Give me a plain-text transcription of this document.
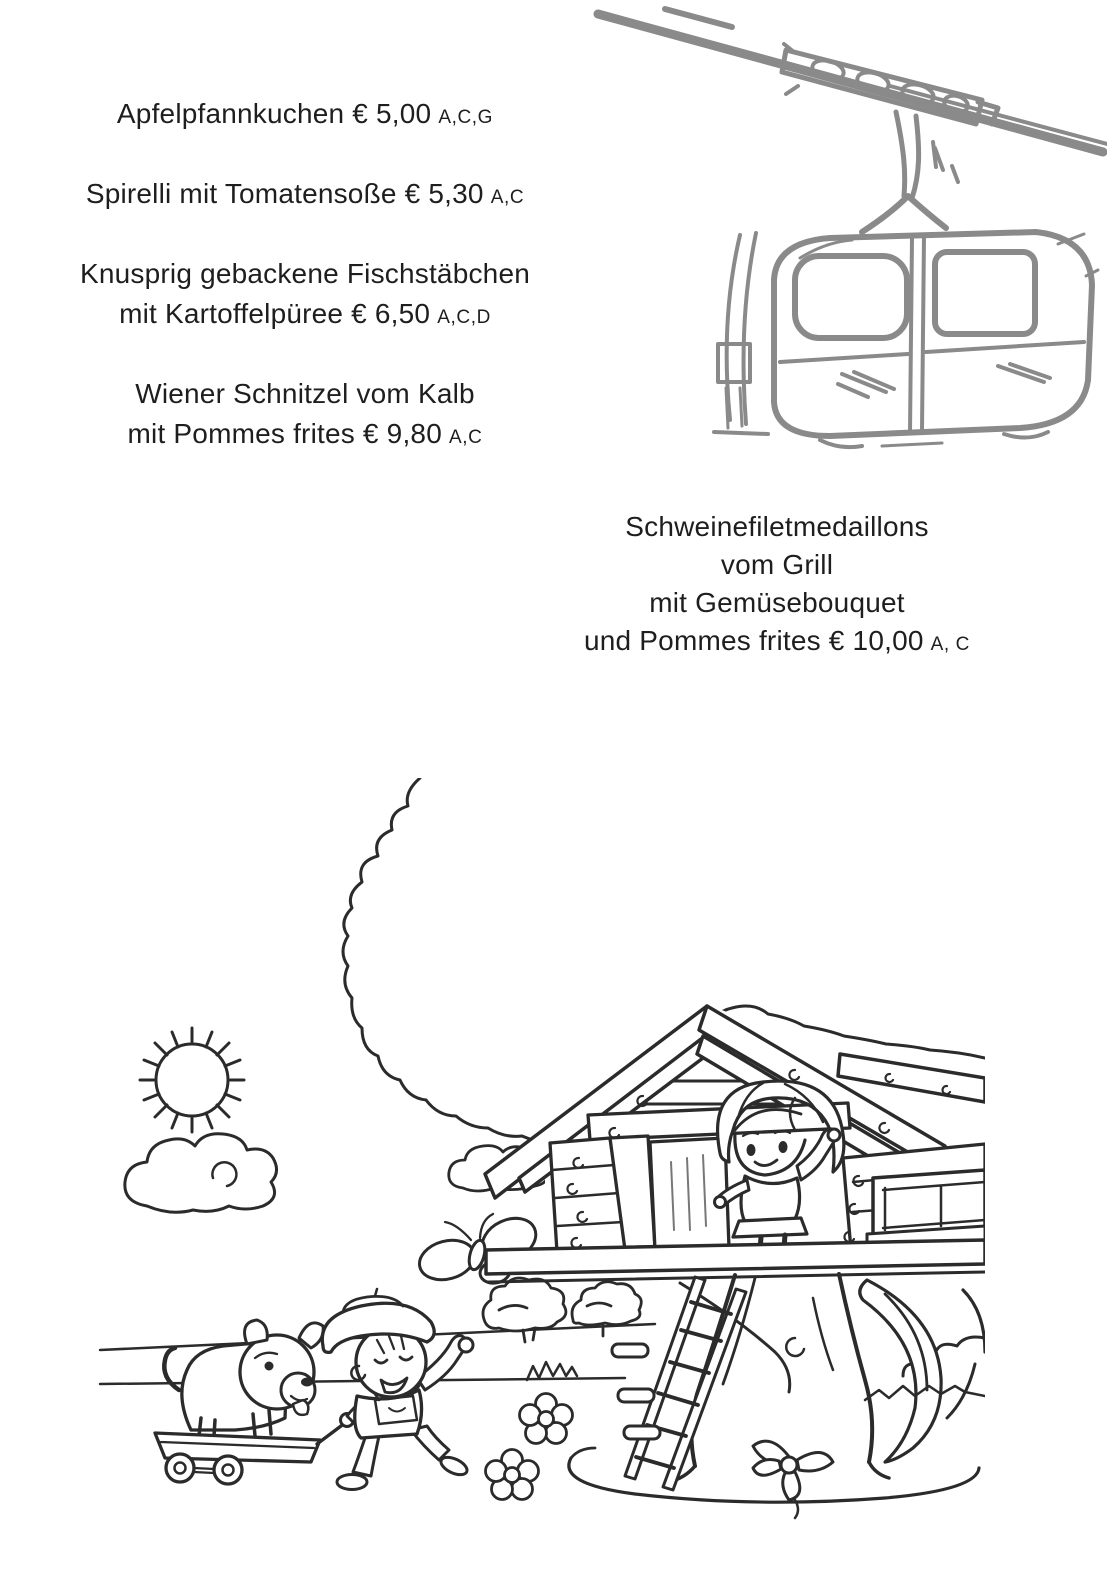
Apfelpfannkuchen € 5,00 A,C,G

Spirelli mit Tomatensoße € 5,30 A,C

Knusprig gebackene Fischstäbchen
mit Kartoffelpüree € 6,50 A,C,D

Wiener Schnitzel vom Kalb
mit Pommes frites € 9,80 A,C

Schweinefiletmedaillons
vom Grill
mit Gemüsebouquet
und Pommes frites € 10,00 A, C
